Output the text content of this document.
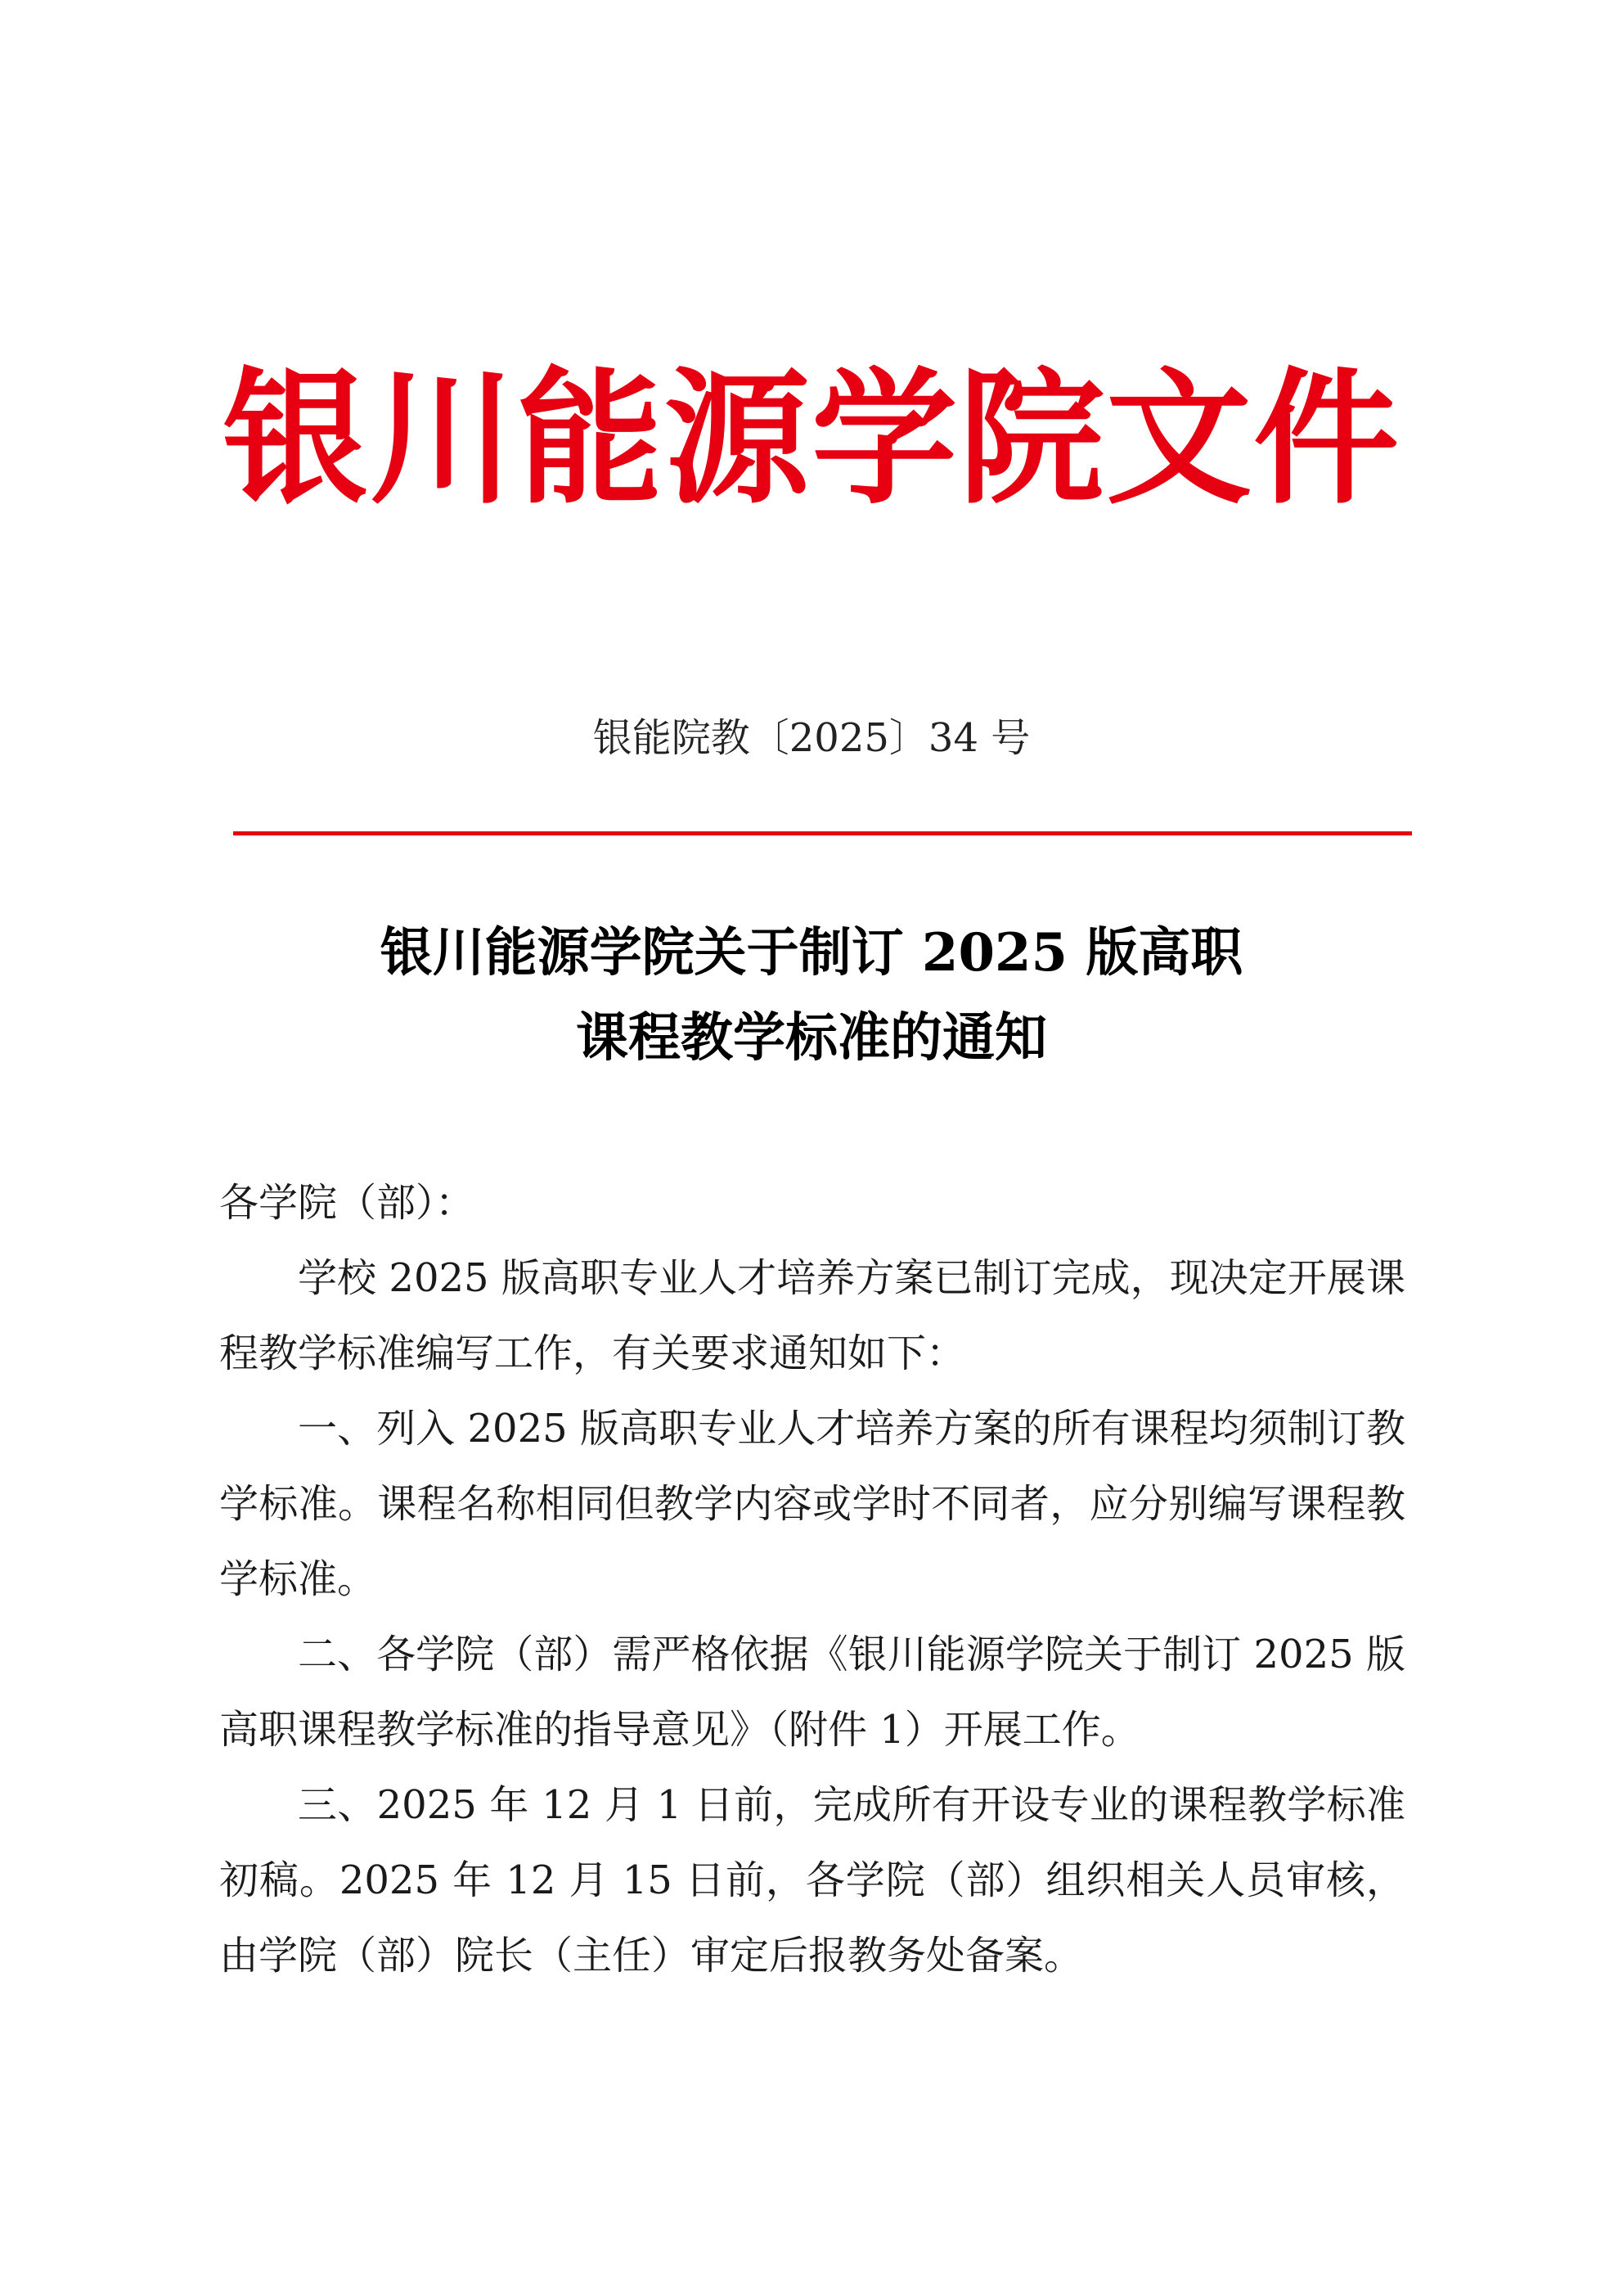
银川能源学院文件
银能院教〔2025〕34 号
银川能源学院关于制订 2025 版高职
课程教学标准的通知

各学院（部）：

学校 2025 版高职专业人才培养方案已制订完成，现决定开展课程教学标准编写工作，有关要求通知如下：

一、列入 2025 版高职专业人才培养方案的所有课程均须制订教学标准。课程名称相同但教学内容或学时不同者，应分别编写课程教学标准。

二、各学院（部）需严格依据《银川能源学院关于制订 2025 版高职课程教学标准的指导意见》（附件 1）开展工作。

三、2025 年 12 月 1 日前，完成所有开设专业的课程教学标准初稿。2025 年 12 月 15 日前，各学院（部）组织相关人员审核，由学院（部）院长（主任）审定后报教务处备案。
